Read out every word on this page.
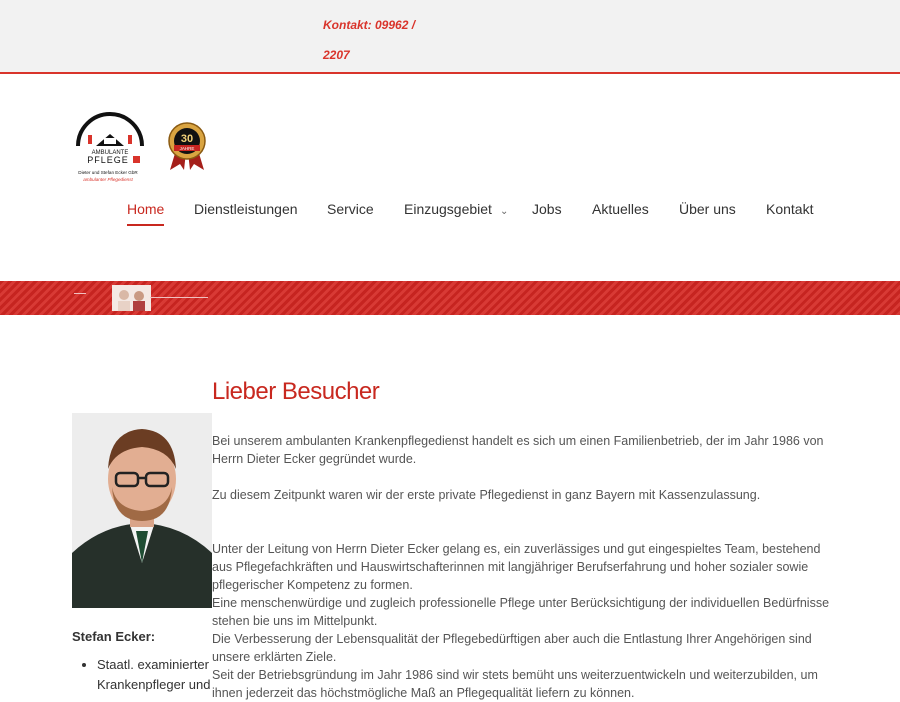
Kontakt: 09962 /
2207
AMBULANTE
PFLEGE
Dieter und Stefan Ecker GbR
ambulanter Pflegedienst
30
JAHRE
Home Dienstleistungen Service Einzugsgebiet ⌄ Jobs Aktuelles Über uns Kontakt
Stefan Ecker:
• Staatl. examinierter Krankenpfleger und
Lieber Besucher

Bei unserem ambulanten Krankenpflegedienst handelt es sich um einen Familienbetrieb, der im Jahr 1986 von Herrn Dieter Ecker gegründet wurde.

Zu diesem Zeitpunkt waren wir der erste private Pflegedienst in ganz Bayern mit Kassenzulassung.

Unter der Leitung von Herrn Dieter Ecker gelang es, ein zuverlässiges und gut eingespieltes Team, bestehend aus Pflegefachkräften und Hauswirtschafterinnen mit langjähriger Berufserfahrung und hoher sozialer sowie pflegerischer Kompetenz zu formen.

Eine menschenwürdige und zugleich professionelle Pflege unter Berücksichtigung der individuellen Bedürfnisse stehen bie uns im Mittelpunkt.

Die Verbesserung der Lebensqualität der Pflegebedürftigen aber auch die Entlastung Ihrer Angehörigen sind unsere erklärten Ziele.

Seit der Betriebsgründung im Jahr 1986 sind wir stets bemüht uns weiterzuentwickeln und weiterzubilden, um ihnen jederzeit das höchstmögliche Maß an Pflegequalität liefern zu können.
